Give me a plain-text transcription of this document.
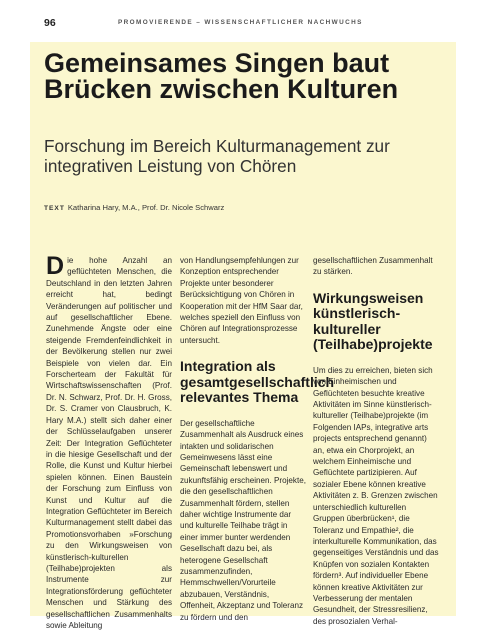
96	PROMOVIERENDE – WISSENSCHAFTLICHER NACHWUCHS
Gemeinsames Singen baut Brücken zwischen Kulturen
Forschung im Bereich Kulturmanagement zur integrativen Leistung von Chören
TEXT Katharina Hary, M.A., Prof. Dr. Nicole Schwarz

Die hohe Anzahl an geflüchteten Menschen, die Deutschland in den letzten Jahren erreicht hat, bedingt Veränderungen auf politischer und auf gesellschaftlicher Ebene. Zunehmende Ängste oder eine steigende Fremdenfeindlichkeit in der Bevölkerung stellen nur zwei Beispiele von vielen dar. Ein Forscherteam der Fakultät für Wirtschaftswissenschaften (Prof. Dr. N. Schwarz, Prof. Dr. H. Gross, Dr. S. Cramer von Clausbruch, K. Hary M.A.) stellt sich daher einer der Schlüsselaufgaben unserer Zeit: Der Integration Geflüchteter in die hiesige Gesellschaft und der Rolle, die Kunst und Kultur hierbei spielen können. Einen Baustein der Forschung zum Einfluss von Kunst und Kultur auf die Integration Geflüchteter im Bereich Kulturmanagement stellt dabei das Promotionsvorhaben »Forschung zu den Wirkungsweisen von künstlerisch-kulturellen (Teilhabe)projekten als Instrumente zur Integrationsförderung geflüchteter Menschen und Stärkung des gesellschaftlichen Zusammenhalts sowie Ableitung

von Handlungsempfehlungen zur Konzeption entsprechender Projekte unter besonderer Berücksichtigung von Chören in Kooperation mit der HfM Saar dar, welches speziell den Einfluss von Chören auf Integrationsprozesse untersucht.

Integration als gesamtgesellschaftlich relevantes Thema

Der gesellschaftliche Zusammenhalt als Ausdruck eines intakten und solidarischen Gemeinwesens lässt eine Gemeinschaft lebenswert und zukunftsfähig erscheinen. Projekte, die den gesellschaftlichen Zusammenhalt fördern, stellen daher wichtige Instrumente dar und kulturelle Teilhabe trägt in einer immer bunter werdenden Gesellschaft dazu bei, als heterogene Gesellschaft zusammenzufinden, Hemmschwellen/Vorurteile abzubauen, Verständnis, Offenheit, Akzeptanz und Toleranz zu fördern und den

gesellschaftlichen Zusammenhalt zu stärken.

Wirkungsweisen künstlerisch-kultureller (Teilhabe)projekte

Um dies zu erreichen, bieten sich von Einheimischen und Geflüchteten besuchte kreative Aktivitäten im Sinne künstlerisch-kultureller (Teilhabe)projekte (im Folgenden IAPs, integrative arts projects entsprechend genannt) an, etwa ein Chorprojekt, an welchem Einheimische und Geflüchtete partizipieren. Auf sozialer Ebene können kreative Aktivitäten z. B. Grenzen zwischen unterschiedlich kulturellen Gruppen überbrücken¹, die Toleranz und Empathie², die interkulturelle Kommunikation, das gegenseitiges Verständnis und das Knüpfen von sozialen Kontakten fördern³. Auf individueller Ebene können kreative Aktivitäten zur Verbesserung der mentalen Gesundheit, der Stressresilienz, des prosozialen Verhal-
